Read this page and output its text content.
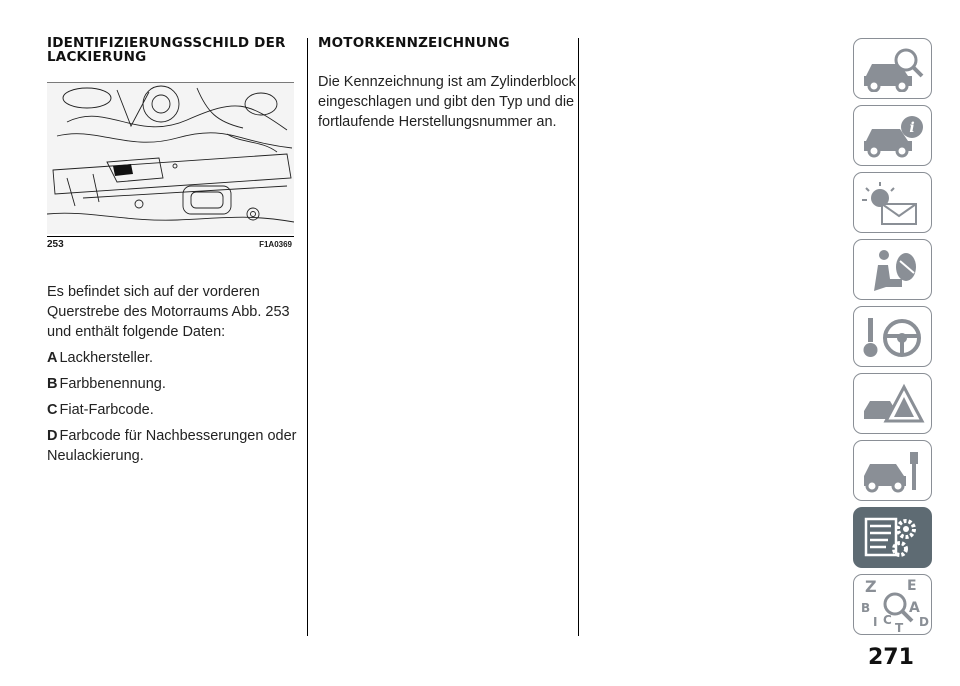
IDENTIFIZIERUNGSSCHILD DER LACKIERUNG
253	F1A0369

Es befindet sich auf der vorderen Querstrebe des Motorraums Abb. 253 und enthält folgende Daten:

A Lackhersteller.

B Farbbenennung.

C Fiat-Farbcode.

D Farbcode für Nachbesserungen oder Neulackierung.

MOTORKENNZEICHNUNG

Die Kennzeichnung ist am Zylinderblock eingeschlagen und gibt den Typ und die fortlaufende Herstellungsnummer an.	i
Z E
B	A
I C D
T
271
